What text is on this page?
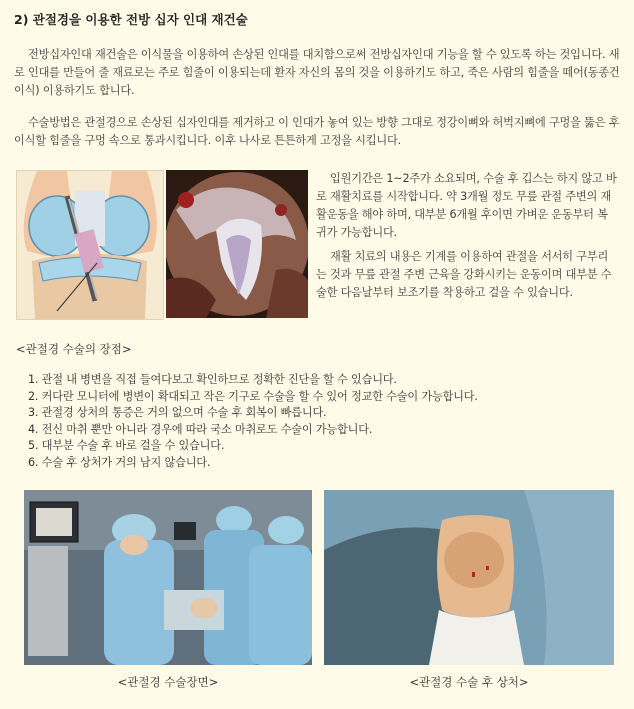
2) 관절경을 이용한 전방 십자 인대 재건술
전방십자인대 재건술은 이식물을 이용하여 손상된 인대를 대치함으로써 전방십자인대 기능을 할 수 있도록 하는 것입니다. 새로 인대를 만들어 줄 재료로는 주로 힘줄이 이용되는데 환자 자신의 몸의 것을 이용하기도 하고, 죽은 사람의 힘줄을 떼어(동종건이식) 이용하기도 합니다.
수술방법은 관절경으로 손상된 십자인대를 제거하고 이 인대가 놓여 있는 방향 그대로 정강이뼈와 허벅지뼈에 구멍을 뚫은 후 이식할 힘줄을 구멍 속으로 통과시킵니다. 이후 나사로 튼튼하게 고정을 시킵니다.
입원기간은 1~2주가 소요되며, 수술 후 깁스는 하지 않고 바로 재활치료를 시작합니다. 약 3개월 정도 무릎 관절 주변의 재활운동을 해야 하며, 대부분 6개월 후이면 가벼운 운동부터 복귀가 가능합니다.
재활 치료의 내용은 기계를 이용하여 관절을 서서히 구부리는 것과 무릎 관절 주변 근육을 강화시키는 운동이며 대부분 수술한 다음날부터 보조기를 착용하고 걸을 수 있습니다.
<관절경 수술의 장점>
1. 관절 내 병변을 직접 들여다보고 확인하므로 정확한 진단을 할 수 있습니다.
2. 커다란 모니터에 병변이 확대되고 작은 기구로 수술을 할 수 있어 정교한 수술이 가능합니다.
3. 관절경 상처의 통증은 거의 없으며 수술 후 회복이 빠릅니다.
4. 전신 마취 뿐만 아니라 경우에 따라 국소 마취로도 수술이 가능합니다.
5. 대부분 수술 후 바로 걸을 수 있습니다.
6. 수술 후 상처가 거의 남지 않습니다.
<관절경 수술장면>	<관절경 수술 후 상처>
